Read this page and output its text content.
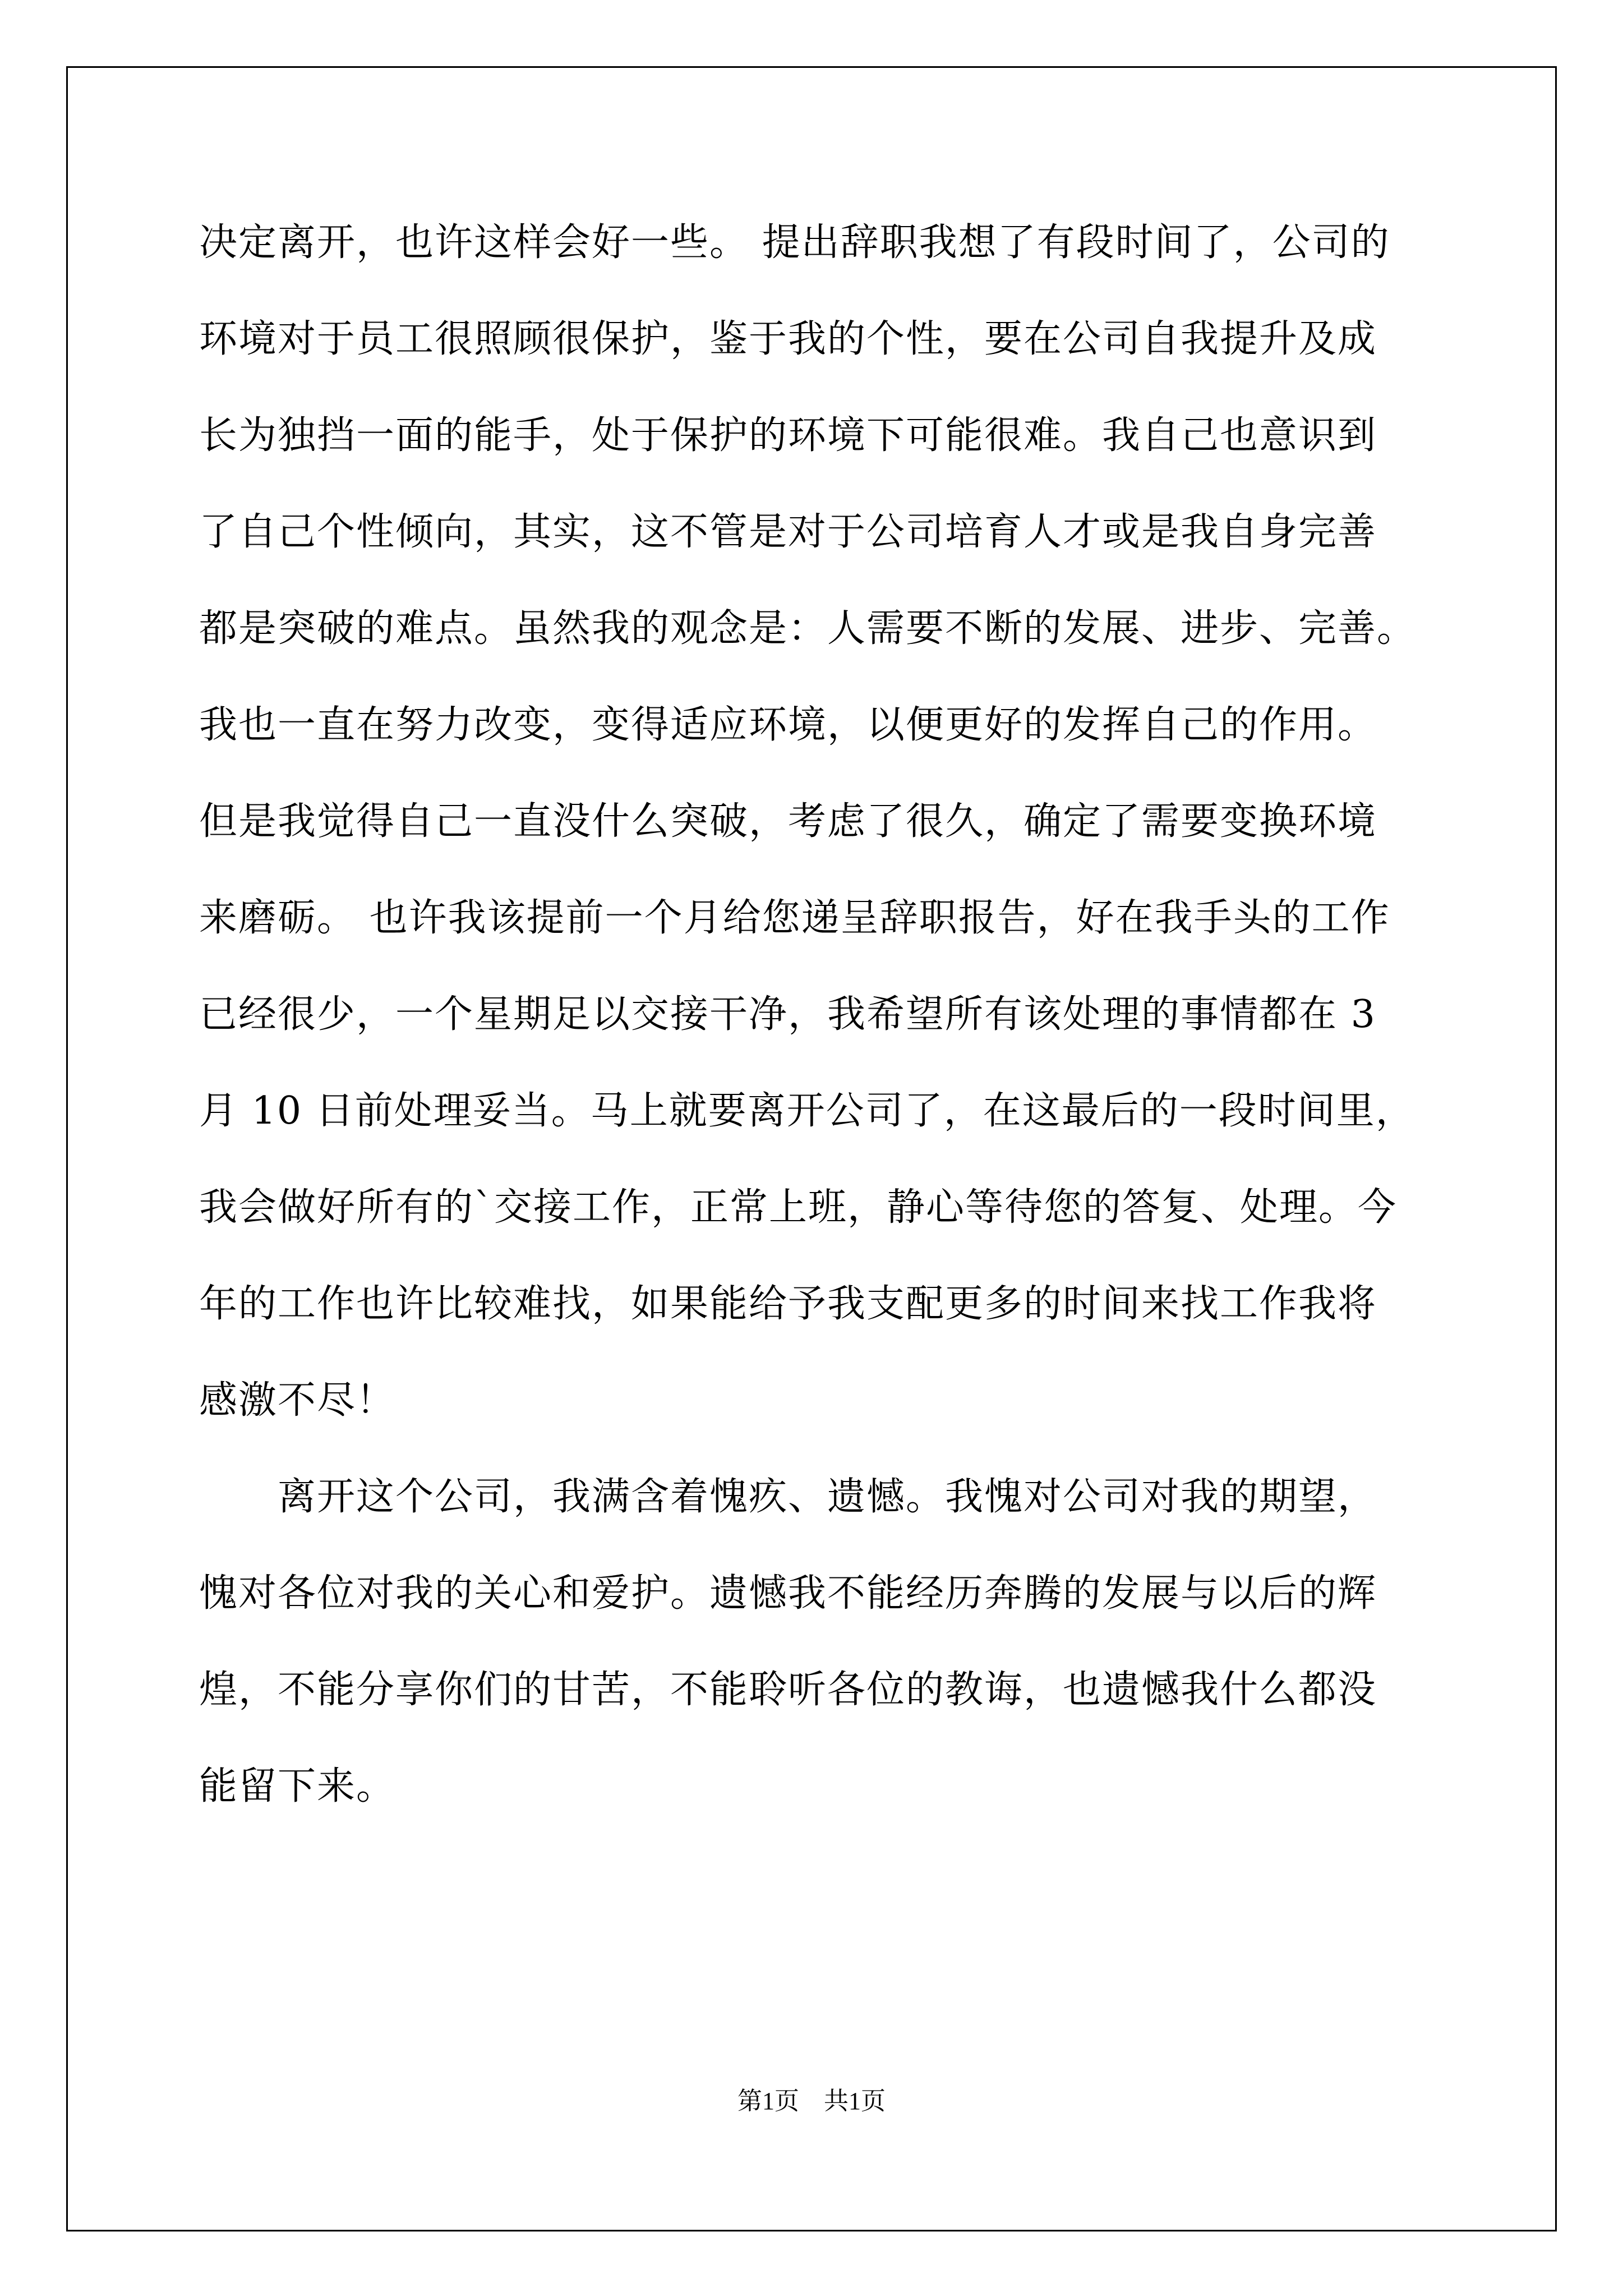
决定离开，也许这样会好一些。 提出辞职我想了有段时间了，公司的
环境对于员工很照顾很保护，鉴于我的个性，要在公司自我提升及成
长为独挡一面的能手，处于保护的环境下可能很难。我自己也意识到
了自己个性倾向，其实，这不管是对于公司培育人才或是我自身完善
都是突破的难点。虽然我的观念是：人需要不断的发展、进步、完善。
我也一直在努力改变，变得适应环境，以便更好的发挥自己的作用。
但是我觉得自己一直没什么突破，考虑了很久，确定了需要变换环境
来磨砺。 也许我该提前一个月给您递呈辞职报告，好在我手头的工作
已经很少，一个星期足以交接干净，我希望所有该处理的事情都在 3
月 10 日前处理妥当。马上就要离开公司了，在这最后的一段时间里，
我会做好所有的`交接工作，正常上班，静心等待您的答复、处理。今
年的工作也许比较难找，如果能给予我支配更多的时间来找工作我将
感激不尽！
　　离开这个公司，我满含着愧疚、遗憾。我愧对公司对我的期望，
愧对各位对我的关心和爱护。遗憾我不能经历奔腾的发展与以后的辉
煌，不能分享你们的甘苦，不能聆听各位的教诲，也遗憾我什么都没
能留下来。
第1页　共1页
